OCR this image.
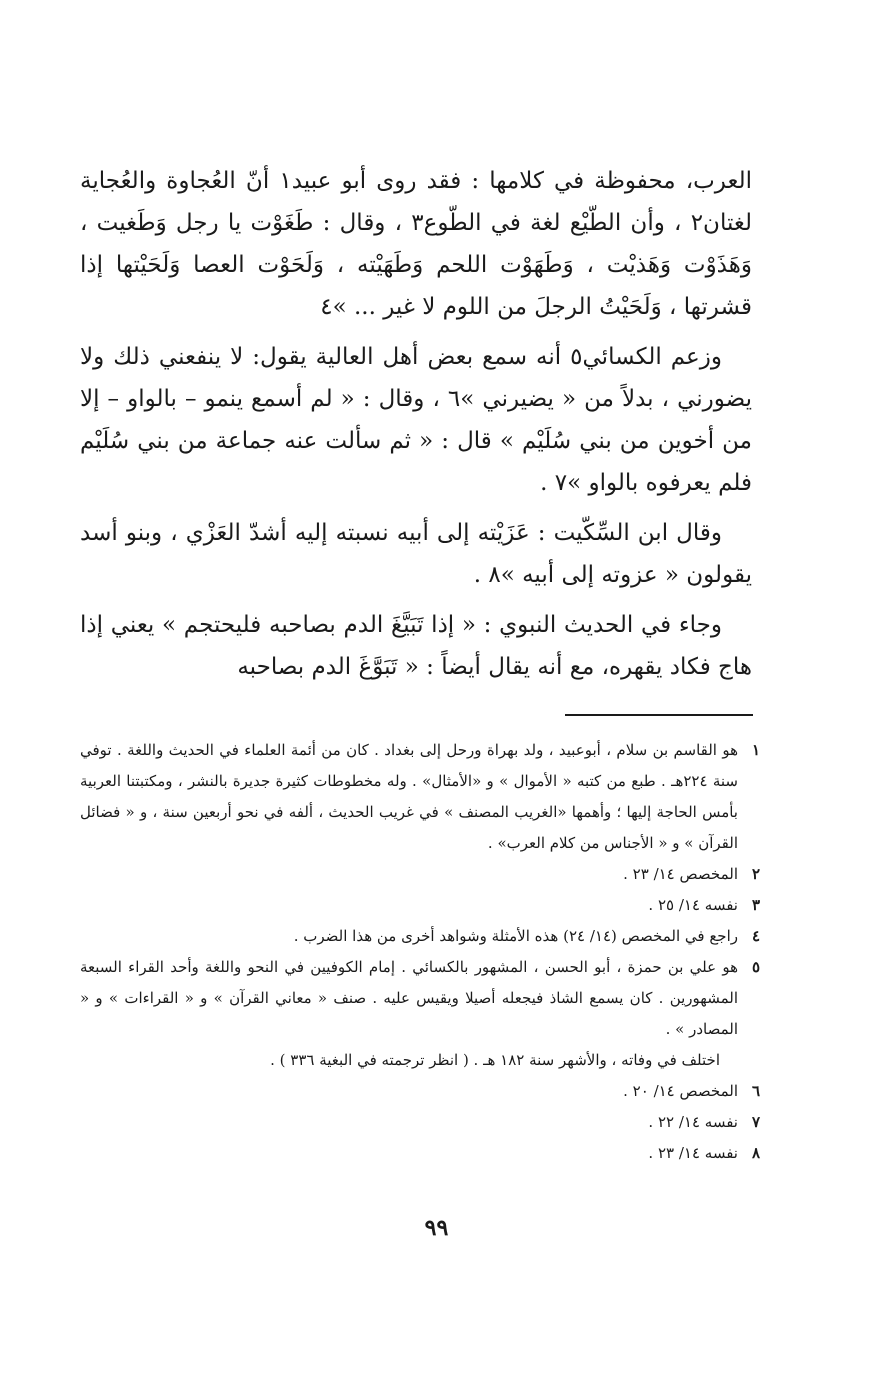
العرب، محفوظة في كلامها : فقد روى أبو عبيد١ أنّ العُجاوة والعُجاية لغتان٢ ، وأن الطّيْع لغة في الطّوع٣ ، وقال : طَغَوْت يا رجل وَطَغيت ، وَهَذَوْت وَهَذيْت ، وَطَهَوْت اللحم وَطَهَيْته ، وَلَحَوْت العصا وَلَحَيْتها إذا قشرتها ، وَلَحَيْتُ الرجلَ من اللوم لا غير ... »٤

وزعم الكسائي٥ أنه سمع بعض أهل العالية يقول: لا ينفعني ذلك ولا يضورني ، بدلاً من « يضيرني »٦ ، وقال : « لم أسمع ينمو – بالواو – إلا من أخوين من بني سُلَيْم » قال : « ثم سألت عنه جماعة من بني سُلَيْم فلم يعرفوه بالواو »٧ .

وقال ابن السِّكّيت : عَزَيْته إلى أبيه نسبته إليه أشدّ العَزْي ، وبنو أسد يقولون « عزوته إلى أبيه »٨ .

وجاء في الحديث النبوي : « إذا تَبَيَّغَ الدم بصاحبه فليحتجم » يعني إذا هاج فكاد يقهره، مع أنه يقال أيضاً : « تَبَوَّغَ الدم بصاحبه

١
هو القاسم بن سلام ، أبوعبيد ، ولد بهراة ورحل إلى بغداد . كان من أئمة العلماء في الحديث واللغة . توفي سنة ٢٢٤هـ . طبع من كتبه « الأموال » و «الأمثال» . وله مخطوطات كثيرة جديرة بالنشر ، ومكتبتنا العربية بأمس الحاجة إليها ؛ وأهمها «الغريب المصنف » في غريب الحديث ، ألفه في نحو أربعين سنة ، و « فضائل القرآن » و « الأجناس من كلام العرب» .
٢
المخصص ١٤/ ٢٣ .
٣
نفسه ١٤/ ٢٥ .
٤
راجع في المخصص (١٤/ ٢٤) هذه الأمثلة وشواهد أخرى من هذا الضرب .
٥
هو علي بن حمزة ، أبو الحسن ، المشهور بالكسائي . إمام الكوفيين في النحو واللغة وأحد القراء السبعة المشهورين . كان يسمع الشاذ فيجعله أصيلا ويقيس عليه . صنف « معاني القرآن » و « القراءات » و « المصادر » .
اختلف في وفاته ، والأشهر سنة ١٨٢ هـ . ( انظر ترجمته في البغية ٣٣٦ ) .
٦
المخصص ١٤/ ٢٠ .
٧
نفسه ١٤/ ٢٢ .
٨
نفسه ١٤/ ٢٣ .
٩٩
